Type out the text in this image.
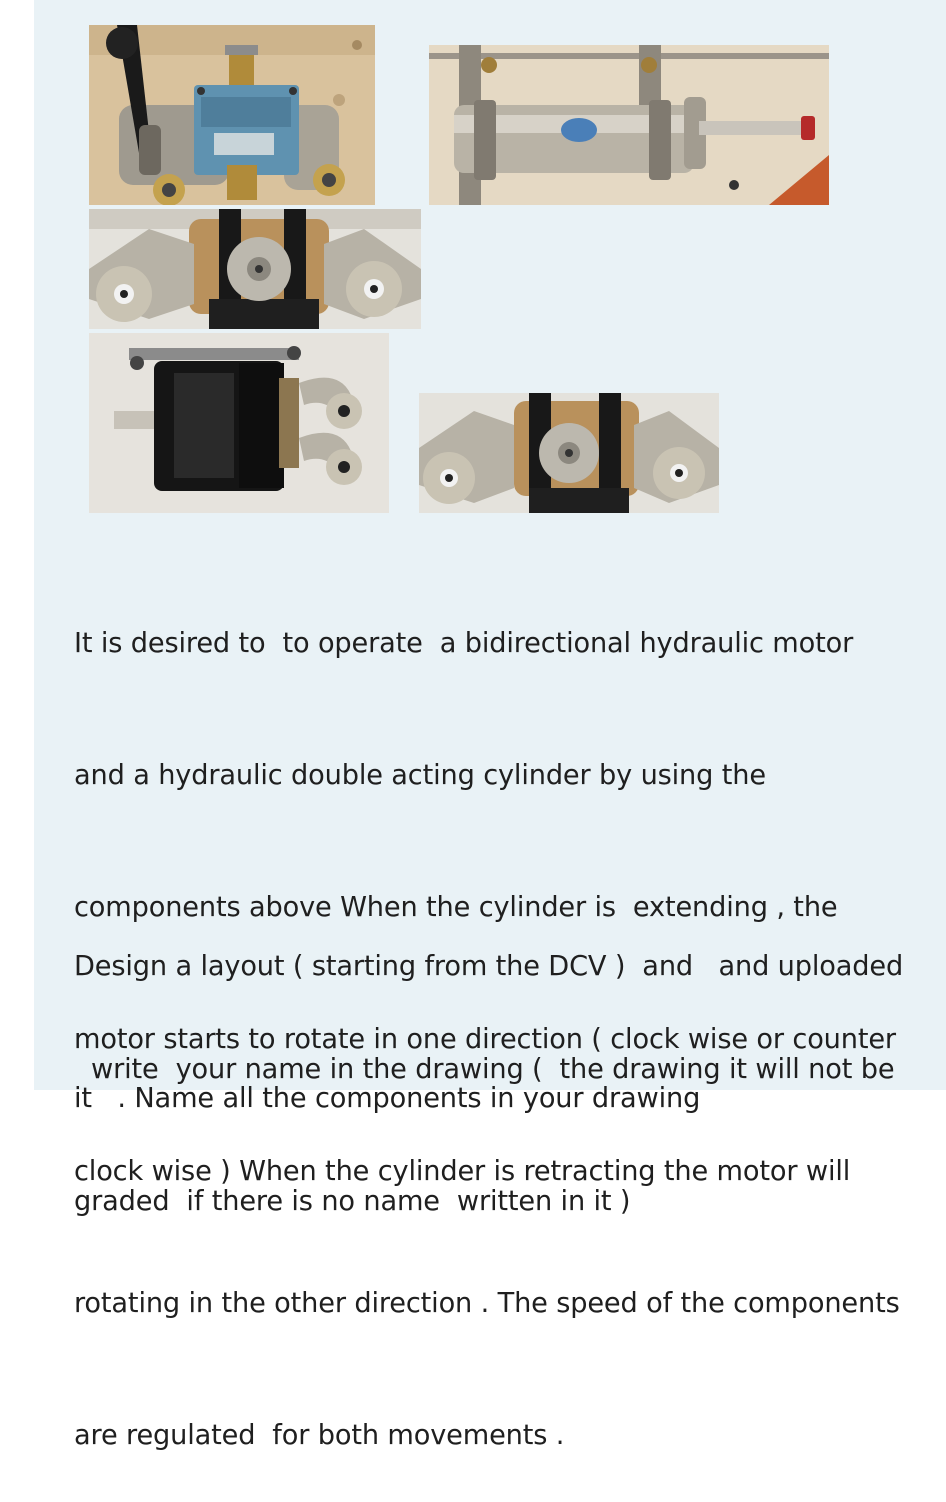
It is desired to  to operate  a bidirectional hydraulic motor

and a hydraulic double acting cylinder by using the

components above When the cylinder is  extending , the

motor starts to rotate in one direction ( clock wise or counter

clock wise ) When the cylinder is retracting the motor will

rotating in the other direction . The speed of the components

are regulated  for both movements .

Design a layout ( starting from the DCV )  and   and uploaded

it   . Name all the components in your drawing

write  your name in the drawing (  the drawing it will not be

graded  if there is no name  written in it )
